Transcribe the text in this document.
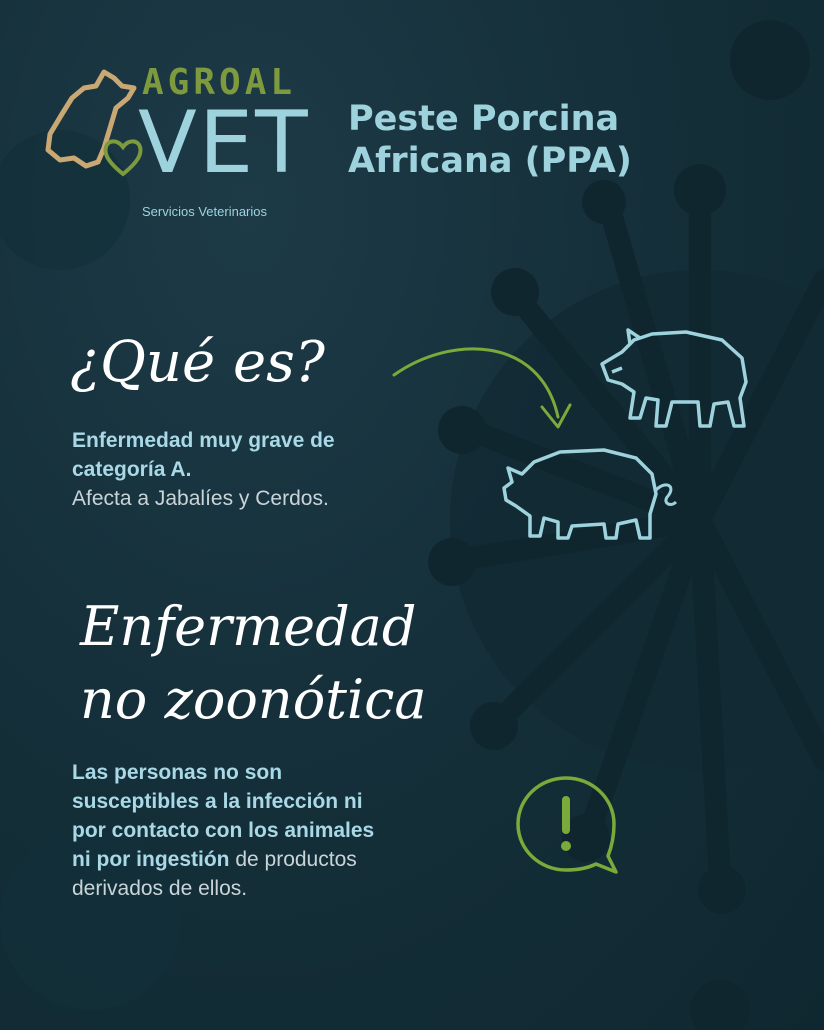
AGROAL
VET
Servicios Veterinarios
Peste Porcina
Africana (PPA)
¿Qué es?
Enfermedad muy grave de
categoría A.
Afecta a Jabalíes y Cerdos.
Enfermedad
no zoonótica
Las personas no son
susceptibles a la infección ni
por contacto con los animales
ni por ingestión de productos
derivados de ellos.
